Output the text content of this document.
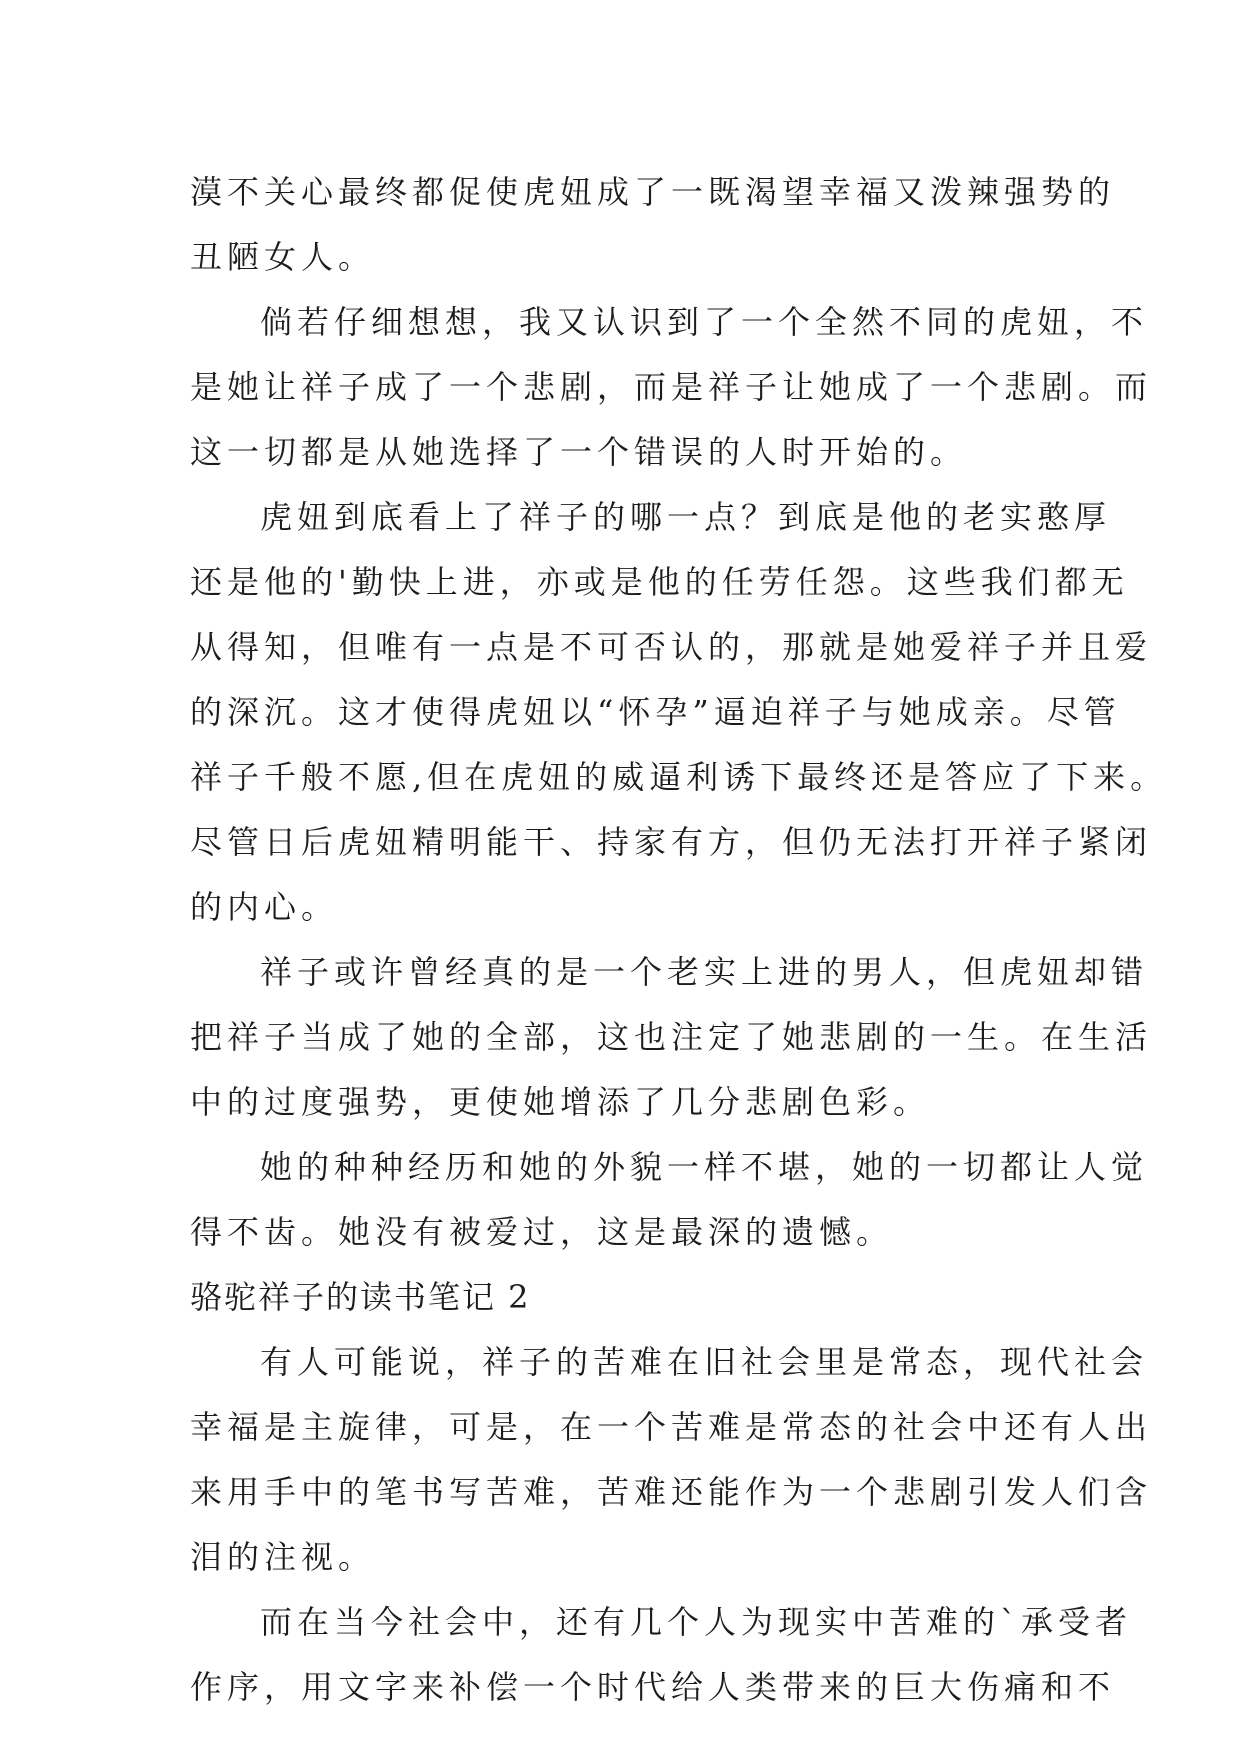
漠不关心最终都促使虎妞成了一既渴望幸福又泼辣强势的
丑陋女人。
倘若仔细想想，我又认识到了一个全然不同的虎妞，不
是她让祥子成了一个悲剧，而是祥子让她成了一个悲剧。而
这一切都是从她选择了一个错误的人时开始的。
虎妞到底看上了祥子的哪一点？到底是他的老实憨厚
还是他的'勤快上进，亦或是他的任劳任怨。这些我们都无
从得知，但唯有一点是不可否认的，那就是她爱祥子并且爱
的深沉。这才使得虎妞以“怀孕”逼迫祥子与她成亲。尽管
祥子千般不愿,但在虎妞的威逼利诱下最终还是答应了下来。
尽管日后虎妞精明能干、持家有方，但仍无法打开祥子紧闭
的内心。
祥子或许曾经真的是一个老实上进的男人，但虎妞却错
把祥子当成了她的全部，这也注定了她悲剧的一生。在生活
中的过度强势，更使她增添了几分悲剧色彩。
她的种种经历和她的外貌一样不堪，她的一切都让人觉
得不齿。她没有被爱过，这是最深的遗憾。
骆驼祥子的读书笔记 2
有人可能说，祥子的苦难在旧社会里是常态，现代社会
幸福是主旋律，可是，在一个苦难是常态的社会中还有人出
来用手中的笔书写苦难，苦难还能作为一个悲剧引发人们含
泪的注视。
而在当今社会中，还有几个人为现实中苦难的`承受者
作序，用文字来补偿一个时代给人类带来的巨大伤痛和不
